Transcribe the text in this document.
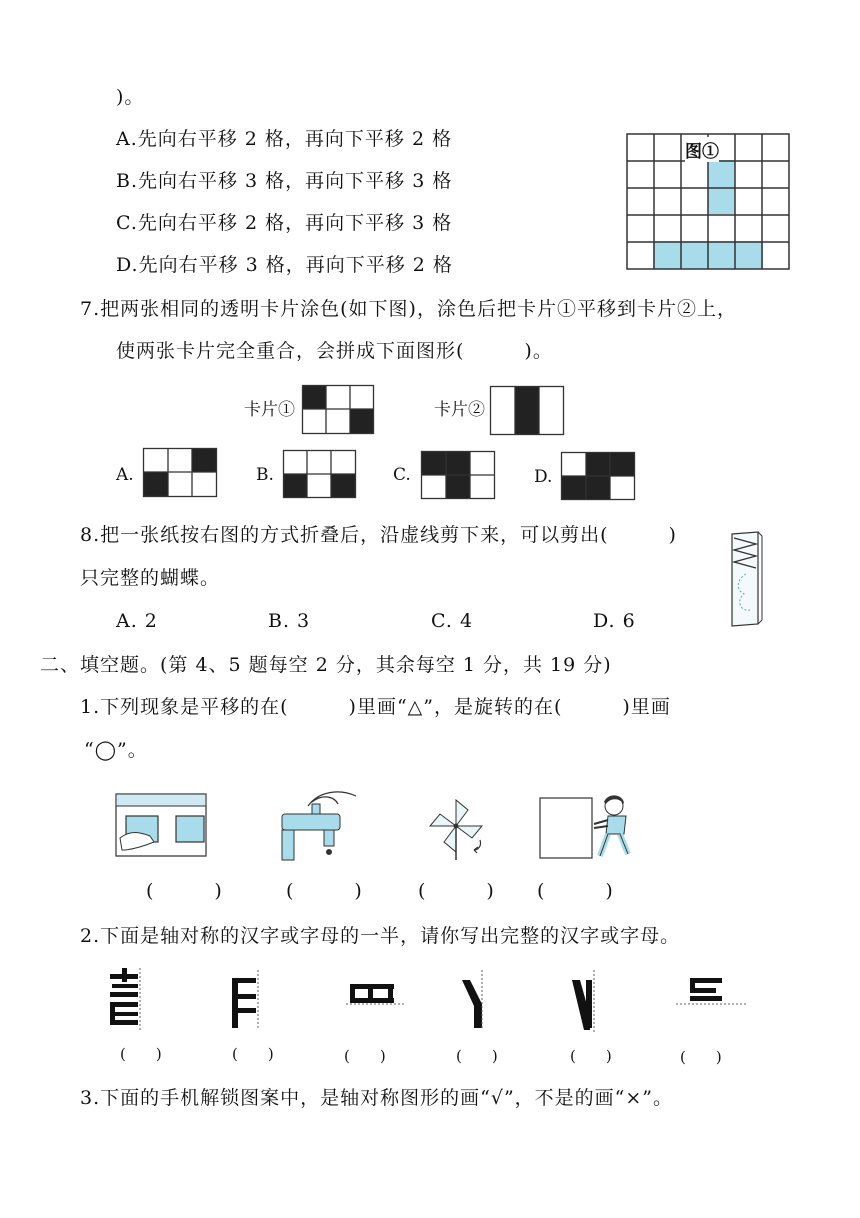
)。
A.先向右平移 2 格，再向下平移 2 格
B.先向右平移 3 格，再向下平移 3 格
C.先向右平移 2 格，再向下平移 3 格
D.先向右平移 3 格，再向下平移 2 格
图①
7.把两张相同的透明卡片涂色(如下图)，涂色后把卡片①平移到卡片②上，
使两张卡片完全重合，会拼成下面图形(　　　)。
卡片①	卡片②
A.	B.	C.	D.
8.把一张纸按右图的方式折叠后，沿虚线剪下来，可以剪出(　　　)
只完整的蝴蝶。
A. 2	B. 3	C. 4	D. 6
二、填空题。(第 4、5 题每空 2 分，其余每空 1 分，共 19 分)
1.下列现象是平移的在(　　　)里画“△”，是旋转的在(　　　)里画
“◯”。
(　　　)	(　　　)	(　　　) (　　　)
2.下面是轴对称的汉字或字母的一半，请你写出完整的汉字或字母。
(　　)	(　　)	(　　)	(　　)	(　　)	(　　)
3.下面的手机解锁图案中，是轴对称图形的画“√”，不是的画“×”。
